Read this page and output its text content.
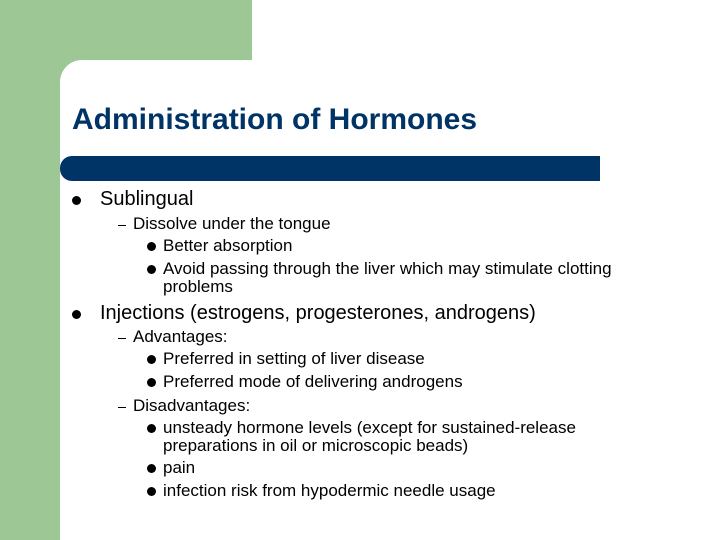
Administration of Hormones
Sublingual
Dissolve under the tongue
Better absorption
Avoid passing through the liver which may stimulate clotting
problems
Injections (estrogens, progesterones, androgens)
Advantages:
Preferred in setting of liver disease
Preferred mode of delivering androgens
Disadvantages:
unsteady hormone levels (except for sustained-release
preparations in oil or microscopic beads)
pain
infection risk from hypodermic needle usage
